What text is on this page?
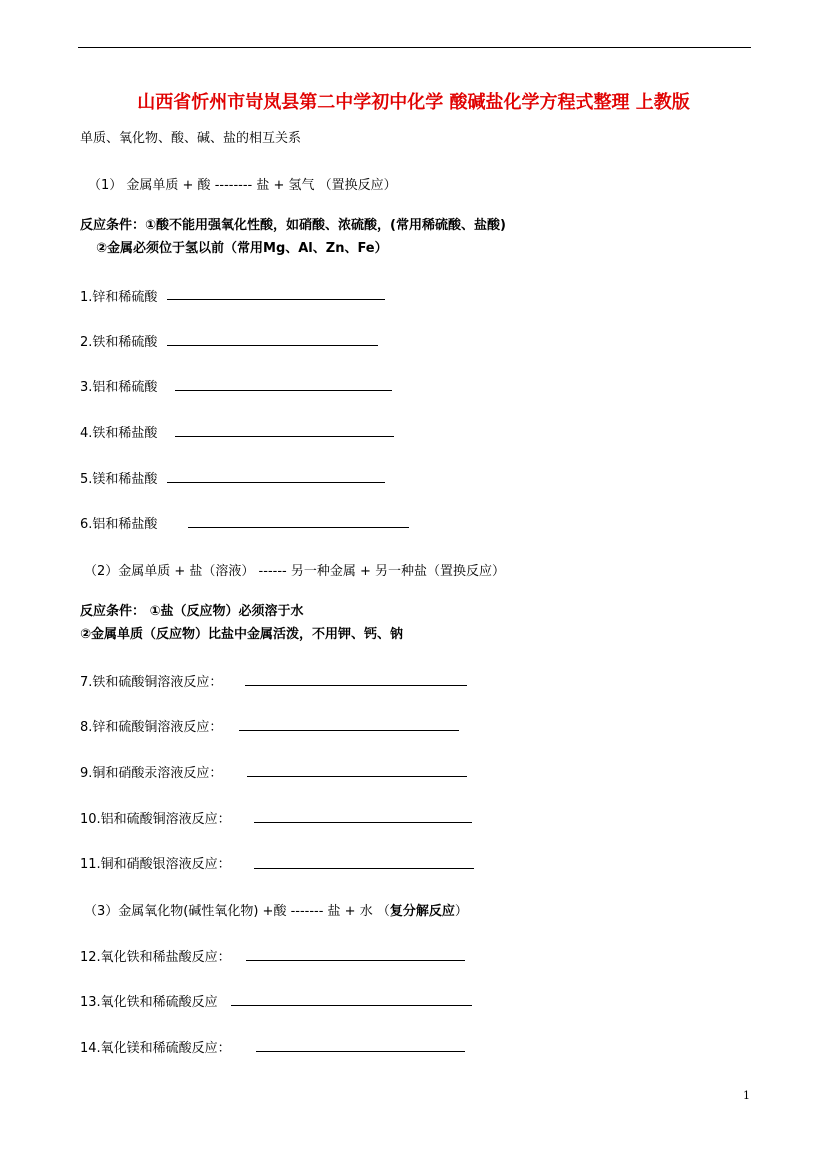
山西省忻州市岢岚县第二中学初中化学 酸碱盐化学方程式整理 上教版
单质、氧化物、酸、碱、盐的相互关系
（1） 金属单质 + 酸 -------- 盐 + 氢气 （置换反应）
反应条件：①酸不能用强氧化性酸，如硝酸、浓硫酸，(常用稀硫酸、盐酸)
②金属必须位于氢以前（常用Mg、Al、Zn、Fe）
1.锌和稀硫酸
2.铁和稀硫酸
3.铝和稀硫酸
4.铁和稀盐酸
5.镁和稀盐酸
6.铝和稀盐酸
（2）金属单质 + 盐（溶液） ------ 另一种金属 + 另一种盐（置换反应）
反应条件： ①盐（反应物）必须溶于水
②金属单质（反应物）比盐中金属活泼，不用钾、钙、钠
7.铁和硫酸铜溶液反应：
8.锌和硫酸铜溶液反应：
9.铜和硝酸汞溶液反应：
10.铝和硫酸铜溶液反应：
11.铜和硝酸银溶液反应：
（3）金属氧化物(碱性氧化物) +酸 ------- 盐 + 水 （复分解反应）
12.氧化铁和稀盐酸反应：
13.氧化铁和稀硫酸反应
14.氧化镁和稀硫酸反应：
1
